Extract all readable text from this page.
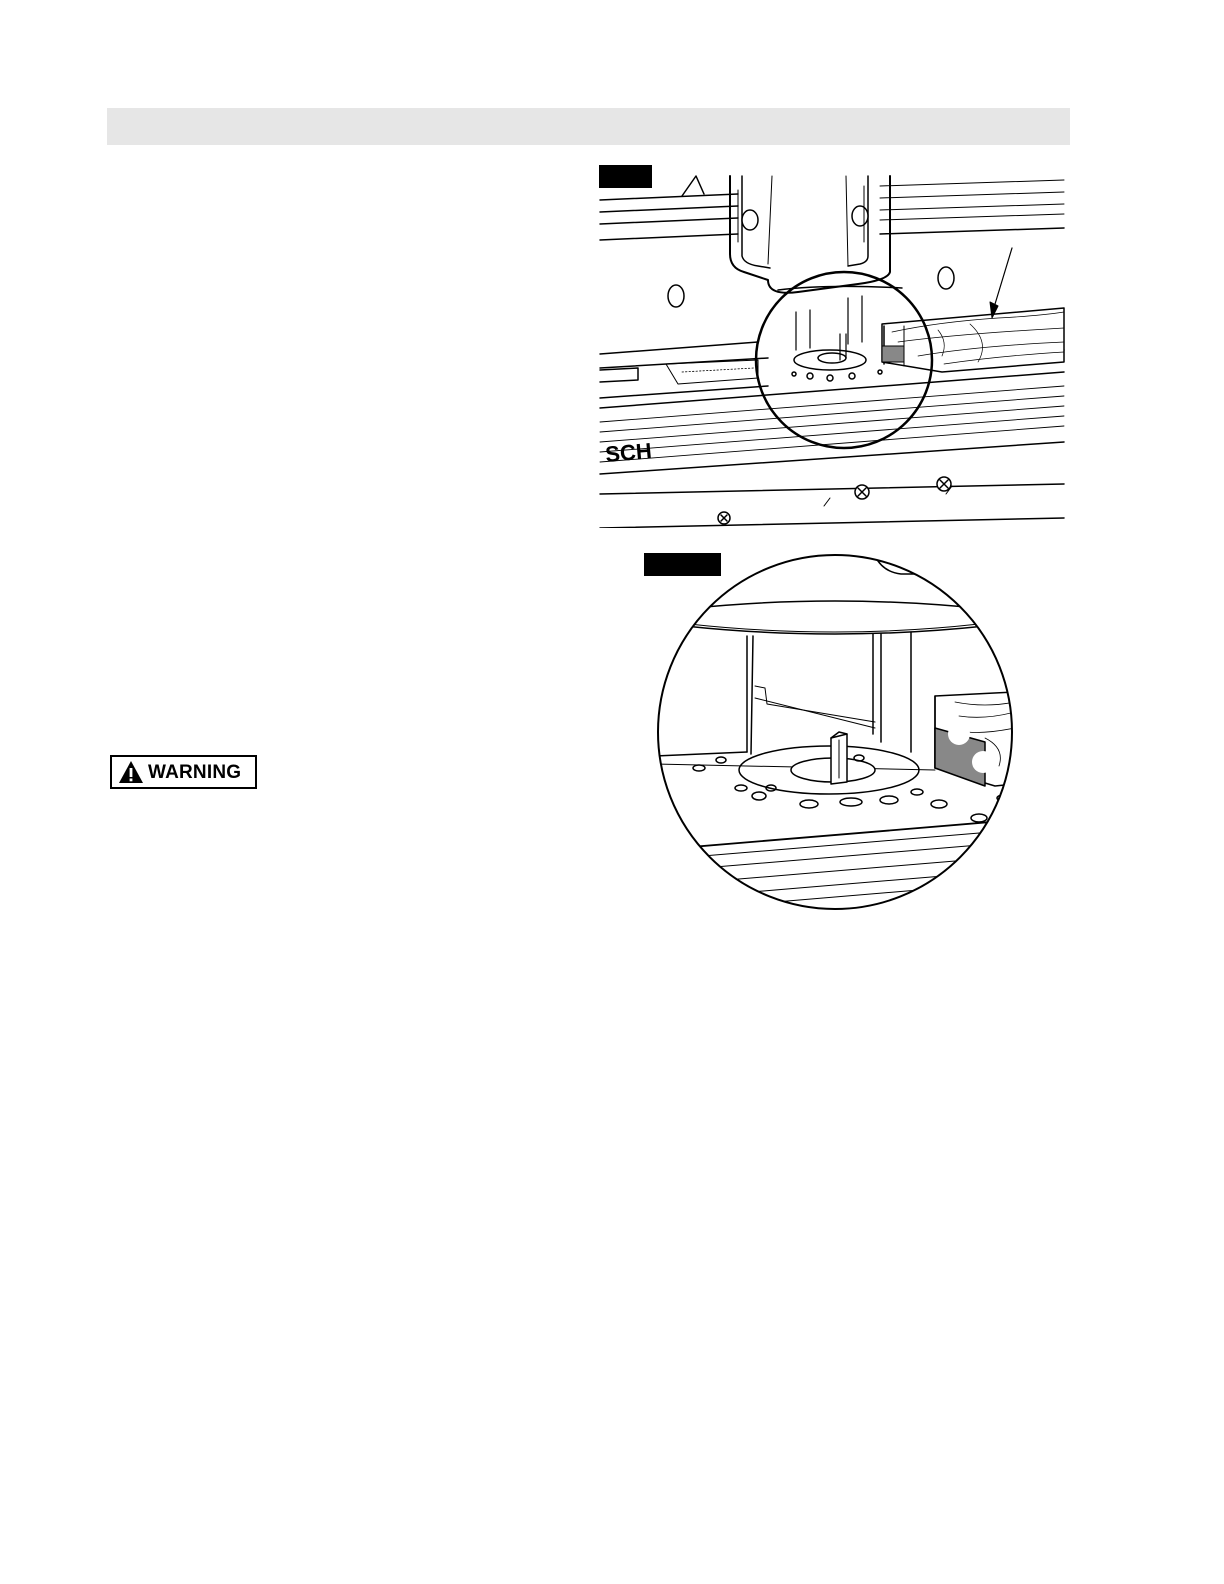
SCH
WARNING
